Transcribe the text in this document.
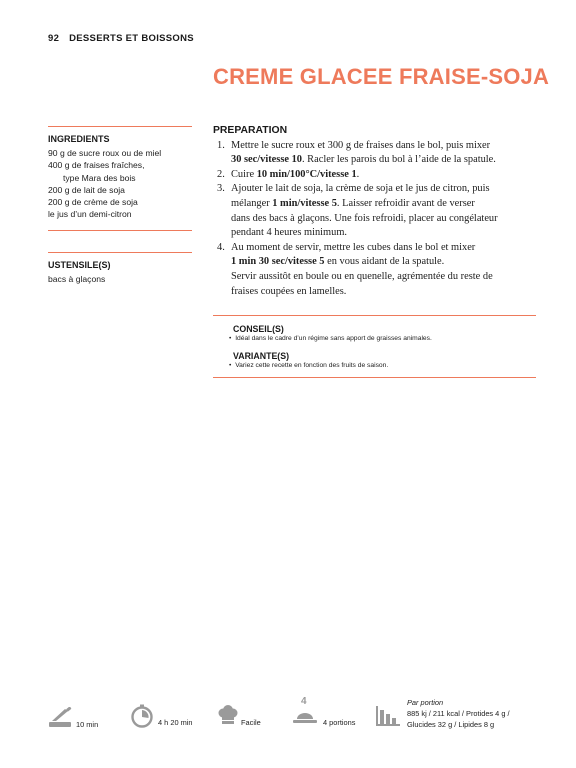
92 DESSERTS ET BOISSONS
CREME GLACEE FRAISE-SOJA
INGREDIENTS
90 g de sucre roux ou de miel
400 g de fraises fraîches,
type Mara des bois
200 g de lait de soja
200 g de crème de soja
le jus d’un demi-citron
USTENSILE(S)
bacs à glaçons
PREPARATION
1. Mettre le sucre roux et 300 g de fraises dans le bol, puis mixer
30 sec/vitesse 10. Racler les parois du bol à l’aide de la spatule.
2. Cuire 10 min/100°C/vitesse 1.
3. Ajouter le lait de soja, la crème de soja et le jus de citron, puis
mélanger 1 min/vitesse 5. Laisser refroidir avant de verser
dans des bacs à glaçons. Une fois refroidi, placer au congélateur
pendant 4 heures minimum.
4. Au moment de servir, mettre les cubes dans le bol et mixer
1 min 30 sec/vitesse 5 en vous aidant de la spatule.
Servir aussitôt en boule ou en quenelle, agrémentée du reste de
fraises coupées en lamelles.
CONSEIL(S)
• Idéal dans le cadre d’un régime sans apport de graisses animales.
VARIANTE(S)
• Variez cette recette en fonction des fruits de saison.
10 min	4 h 20 min	Facile
4
4 portions
Par portion
885 kj / 211 kcal / Protides 4 g /
Glucides 32 g / Lipides 8 g
